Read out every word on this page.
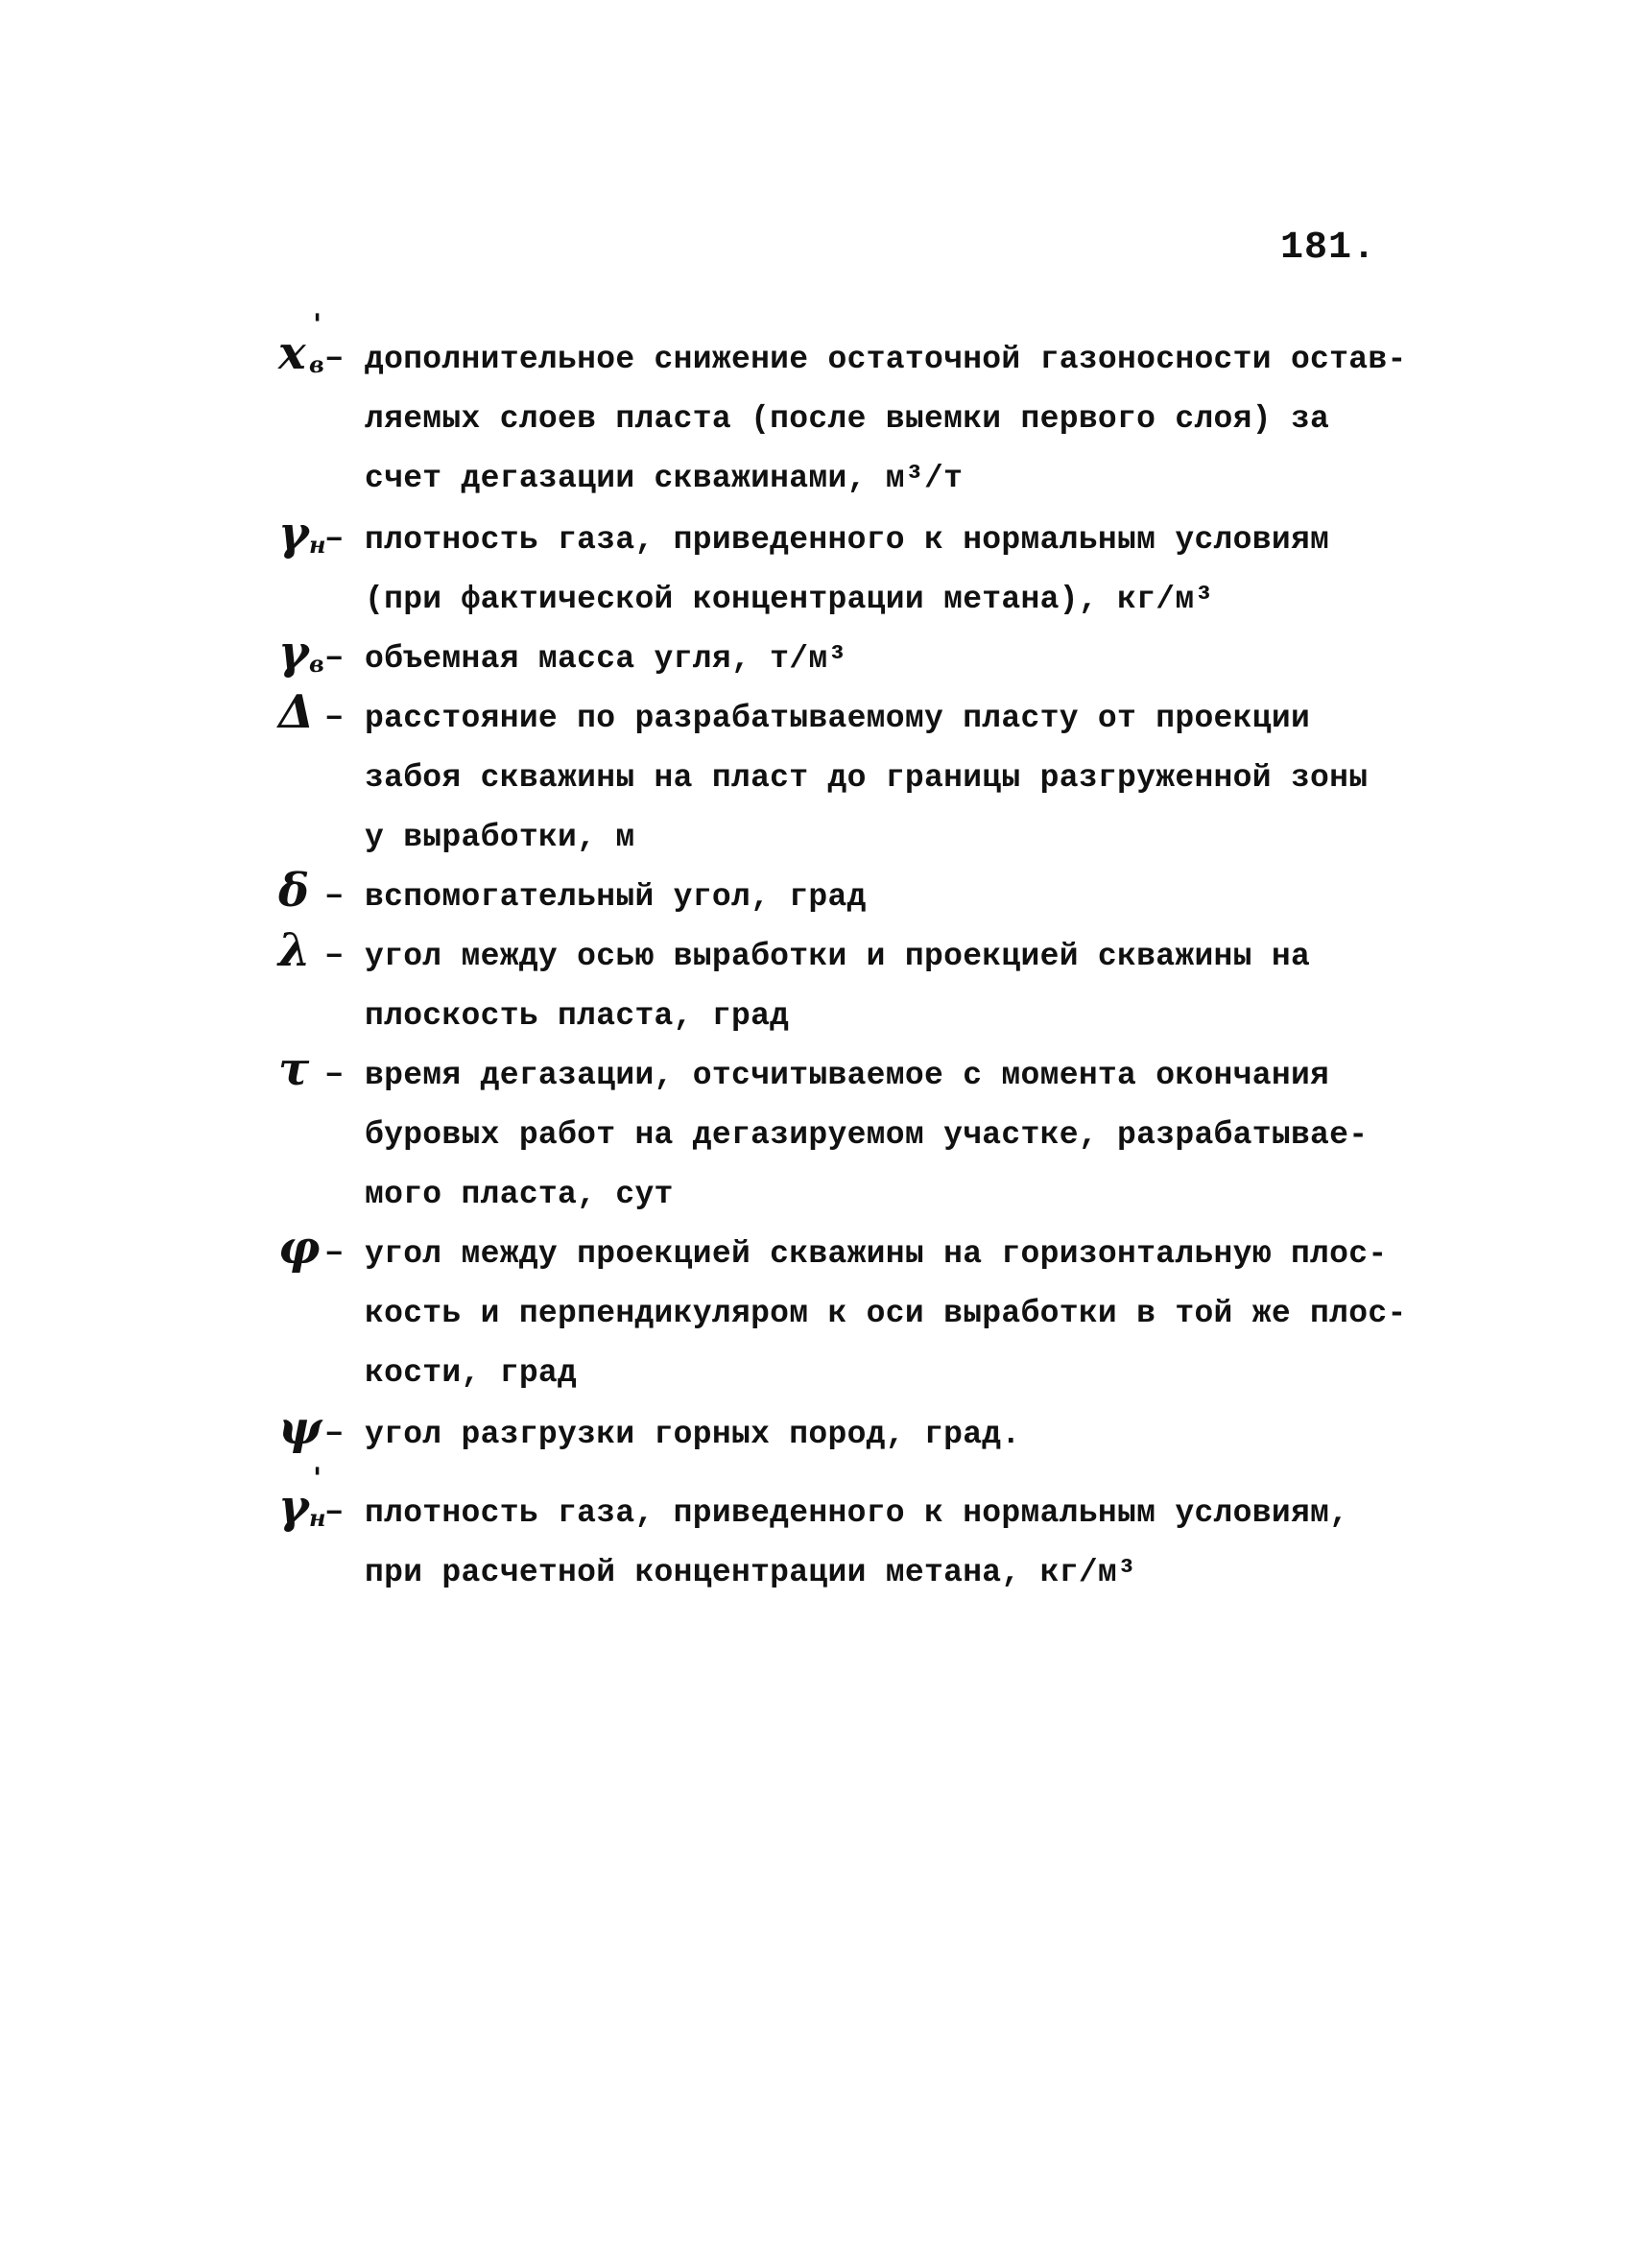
181.
x
'
в – дополнительное снижение остаточной газоносности остав-
ляемых слоев пласта (после выемки первого слоя) за
счет дегазации скважинами, м³/т
γ н
– плотность газа, приведенного к нормальным условиям
(при фактической концентрации метана), кг/м³
γ в – объемная масса угля, т/м³
Δ – расстояние по разрабатываемому пласту от проекции
забоя скважины на пласт до границы разгруженной зоны
у выработки, м
δ – вспомогательный угол, град
λ – угол между осью выработки и проекцией скважины на
плоскость пласта, град
τ – время дегазации, отсчитываемое с момента окончания
буровых работ на дегазируемом участке, разрабатывае-
мого пласта, сут
φ – угол между проекцией скважины на горизонтальную плос-
кость и перпендикуляром к оси выработки в той же плос-
кости, град
ψ – угол разгрузки горных пород, град.
γ
'
н
– плотность газа, приведенного к нормальным условиям,
при расчетной концентрации метана, кг/м³
